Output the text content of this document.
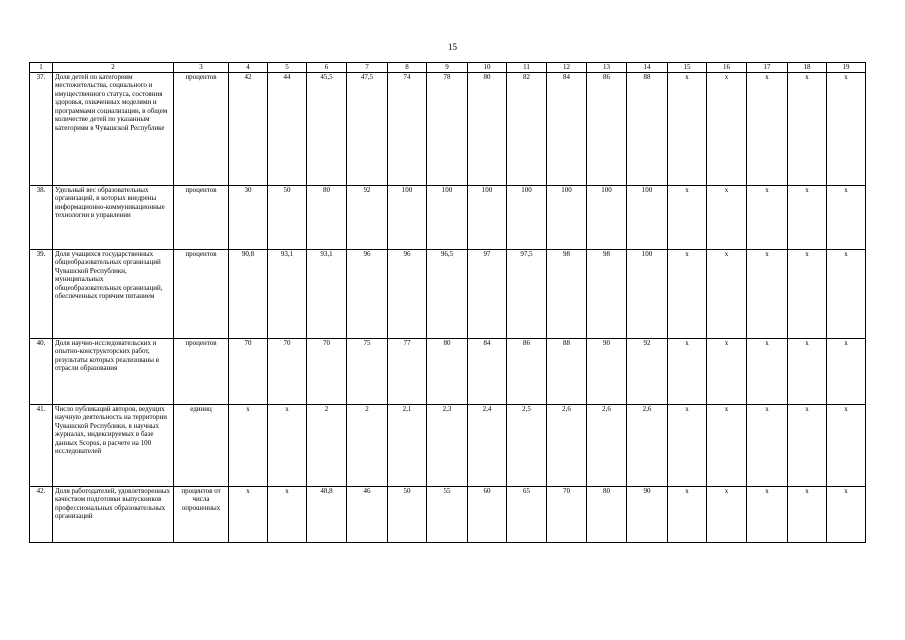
15
1	2	3	4	5	6	7	8	9	10	11	12	13	14	15	16	17	18	19
37.	Доля детей по категориям местожительства, социального и имущественного статуса, состояния здоровья, охваченных моделями и программами социализации, в общем количестве детей по указанным категориям в Чувашской Республике	процентов	42	44	45,5	47,5	74	78	80	82	84	86	88	х	х	х	х	х
38.	Удельный вес образовательных организаций, в которых внедрены информационно-коммуникационные технологии в управлении	процентов	30	50	80	92	100	100	100	100	100	100	100	х	х	х	х	х
39.	Доля учащихся государственных общеобразовательных организаций Чувашской Республики, муниципальных общеобразовательных организаций, обеспеченных горячим питанием	процентов	90,8	93,1	93,1	96	96	96,5	97	97,5	98	98	100	х	х	х	х	х
40.	Доля научно-исследовательских и опытно-конструкторских работ, результаты которых реализованы в отрасли образования	процентов	70	70	70	75	77	80	84	86	88	90	92	х	х	х	х	х
41.	Число публикаций авторов, ведущих научную деятельность на территории Чувашской Республики, в научных журналах, индексируемых в базе данных Scopus, в расчете на 100 исследователей	единиц	х	х	2	2	2,1	2,3	2,4	2,5	2,6	2,6	2,6	х	х	х	х	х
42.	Доля работодателей, удовлетворенных качеством подготовки выпускников профессиональных образовательных организаций	процентов от числа опрошенных	х	х	48,8	46	50	55	60	65	70	80	90	х	х	х	х	х
